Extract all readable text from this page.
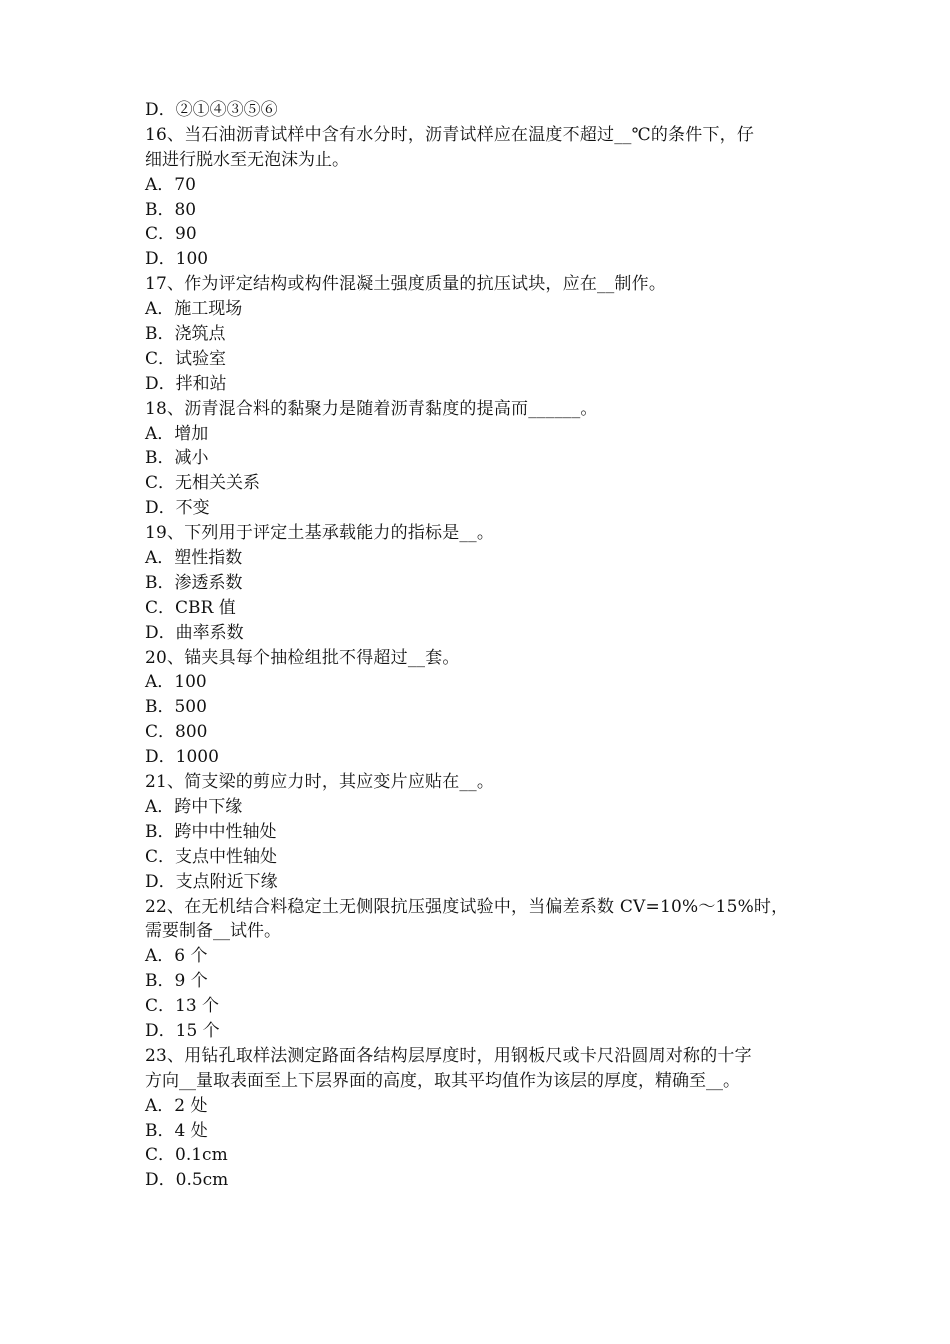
D．②①④③⑤⑥
16、当石油沥青试样中含有水分时，沥青试样应在温度不超过__℃的条件下，仔
细进行脱水至无泡沫为止。
A．70
B．80
C．90
D．100
17、作为评定结构或构件混凝土强度质量的抗压试块，应在__制作。
A．施工现场
B．浇筑点
C．试验室
D．拌和站
18、沥青混合料的黏聚力是随着沥青黏度的提高而______。
A．增加
B．减小
C．无相关关系
D．不变
19、下列用于评定土基承载能力的指标是__。
A．塑性指数
B．渗透系数
C．CBR 值
D．曲率系数
20、锚夹具每个抽检组批不得超过__套。
A．100
B．500
C．800
D．1000
21、简支梁的剪应力时，其应变片应贴在__。
A．跨中下缘
B．跨中中性轴处
C．支点中性轴处
D．支点附近下缘
22、在无机结合料稳定土无侧限抗压强度试验中，当偏差系数 CV=10%～15%时，
需要制备__试件。
A．6 个
B．9 个
C．13 个
D．15 个
23、用钻孔取样法测定路面各结构层厚度时，用钢板尺或卡尺沿圆周对称的十字
方向__量取表面至上下层界面的高度，取其平均值作为该层的厚度，精确至__。
A．2 处
B．4 处
C．0.1cm
D．0.5cm
